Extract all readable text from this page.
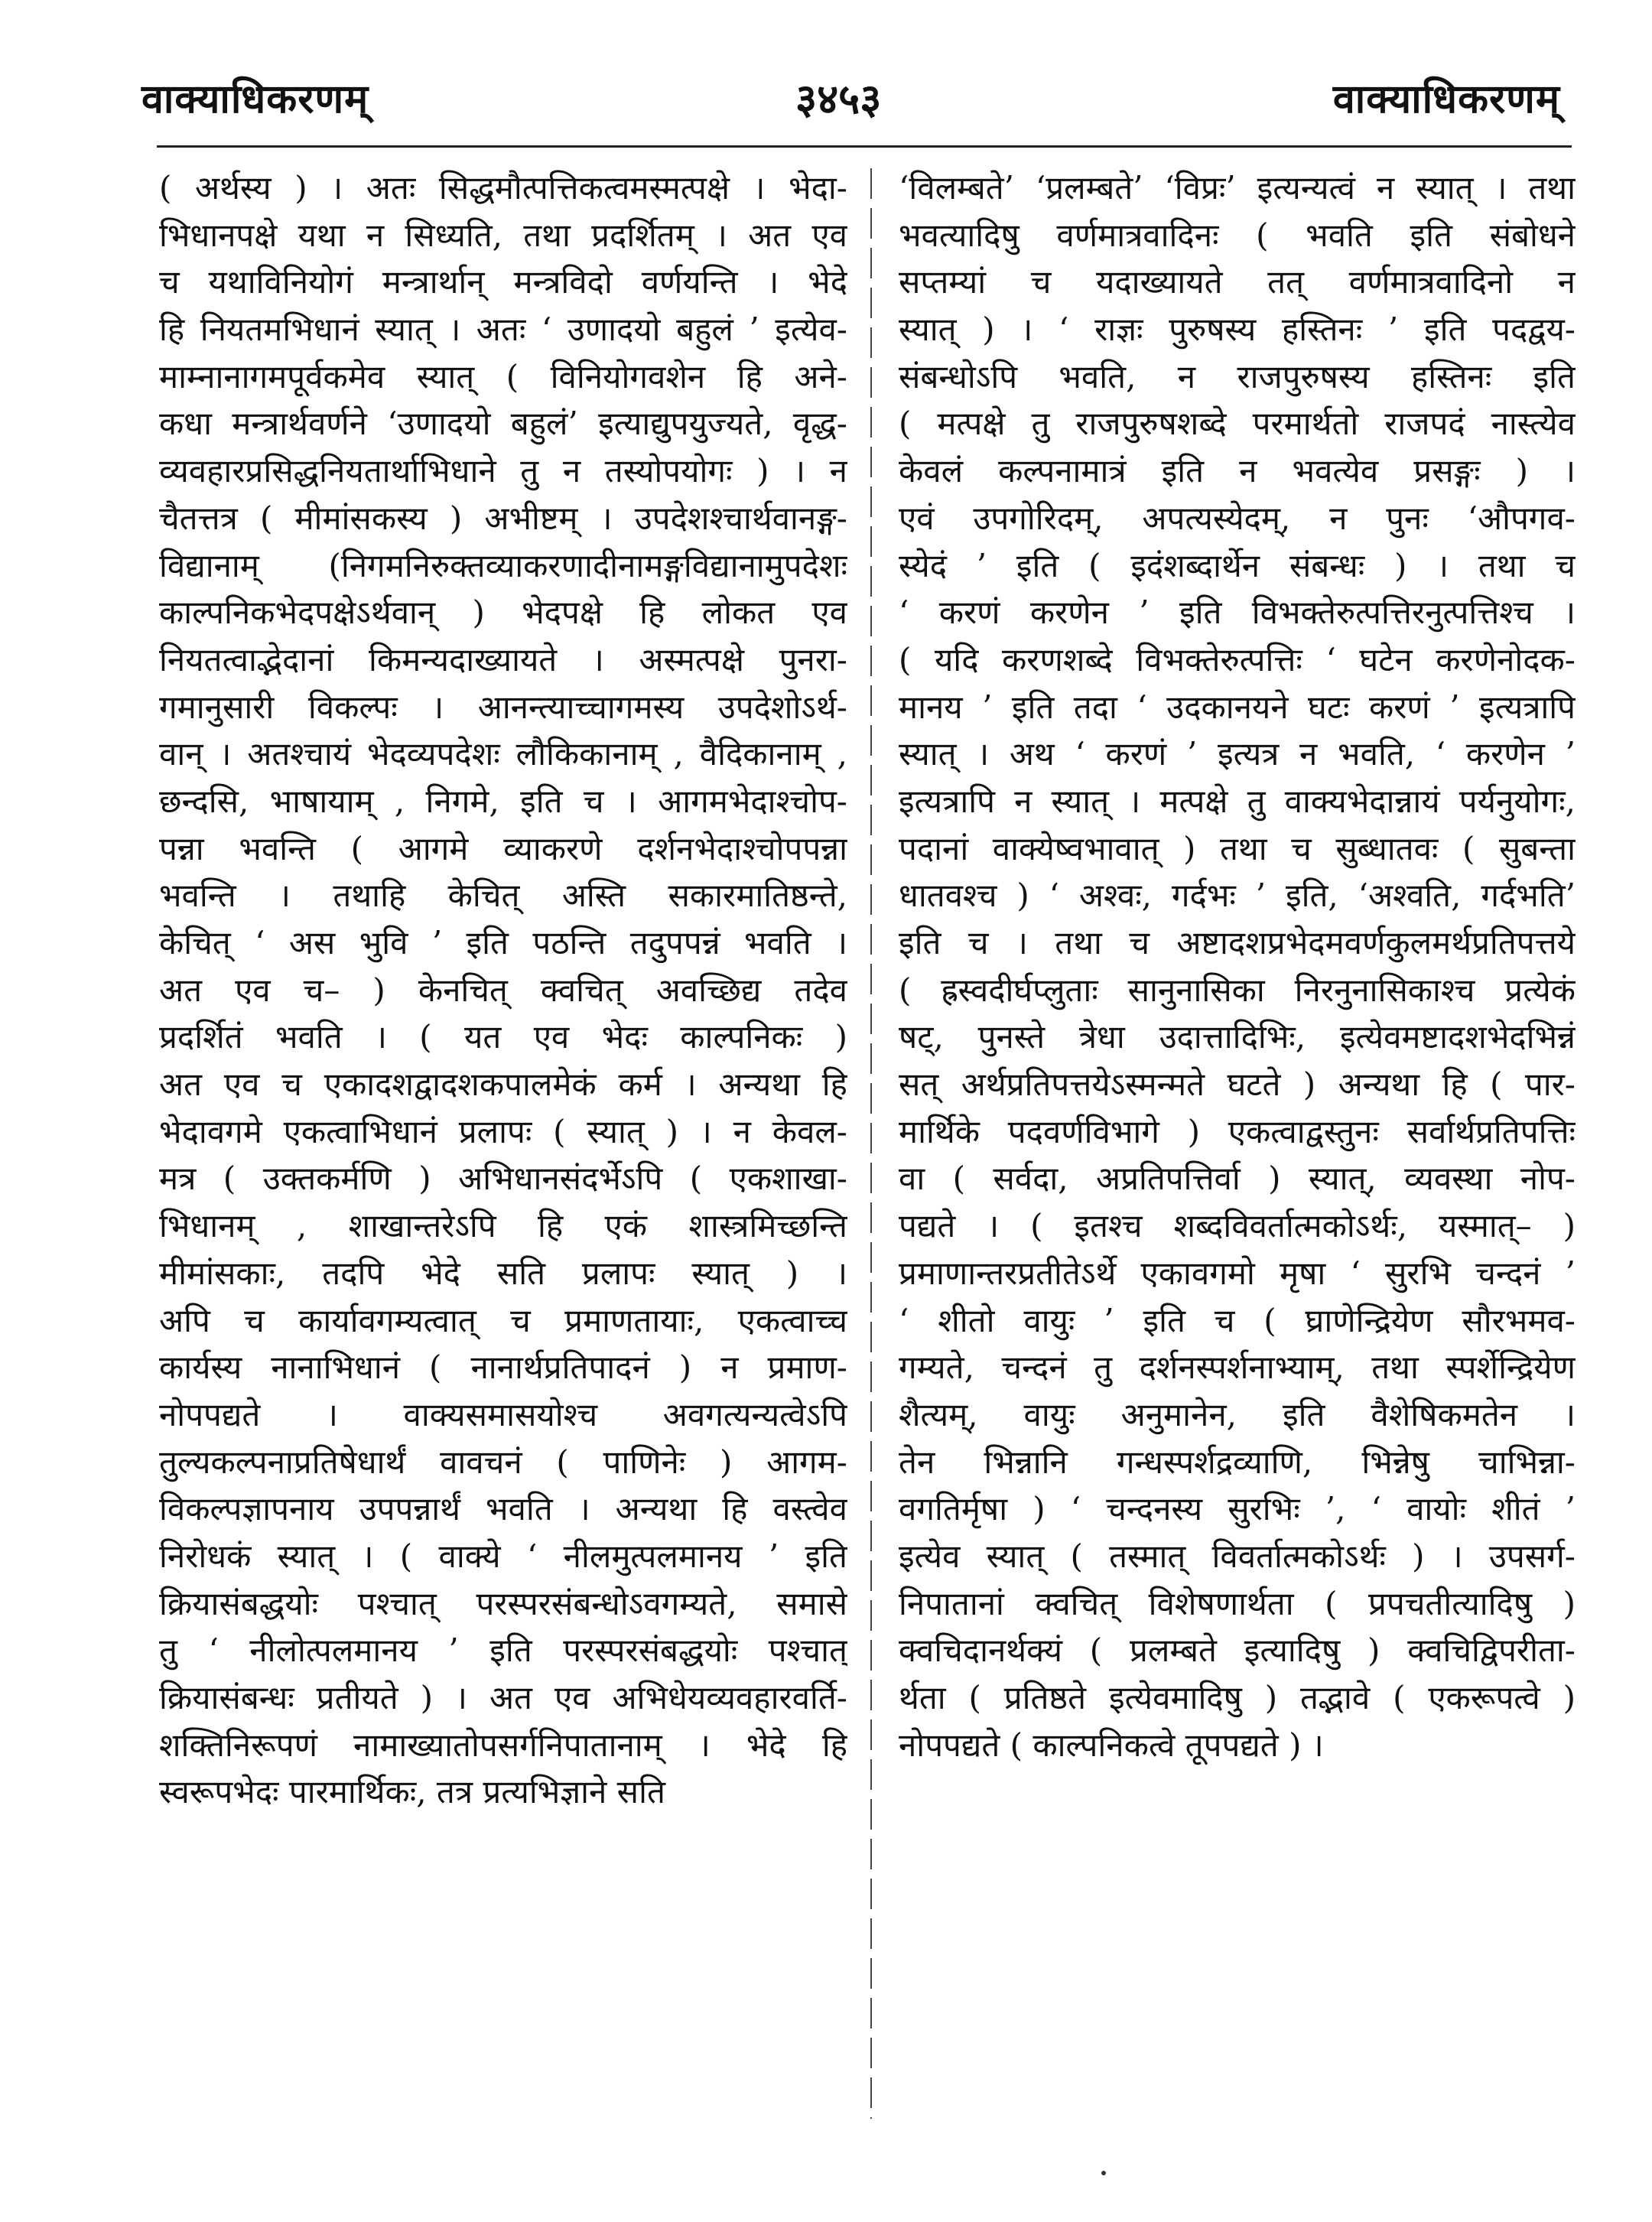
वाक्याधिकरणम्	३४५३	वाक्याधिकरणम्
( अर्थस्य ) । अतः सिद्धमौत्पत्तिकत्वमस्मत्पक्षे । भेदा-
भिधानपक्षे यथा न सिध्यति, तथा प्रदर्शितम् । अत एव
च यथाविनियोगं मन्त्रार्थान् मन्त्रविदो वर्णयन्ति । भेदे
हि नियतमभिधानं स्यात् । अतः ‘ उणादयो बहुलं ’ इत्येव-
माम्नानागमपूर्वकमेव स्यात् ( विनियोगवशेन हि अने-
कधा मन्त्रार्थवर्णने ‘उणादयो बहुलं’ इत्याद्युपयुज्यते, वृद्ध-
व्यवहारप्रसिद्धनियतार्थाभिधाने तु न तस्योपयोगः ) । न
चैतत्तत्र ( मीमांसकस्य ) अभीष्टम् । उपदेशश्चार्थवानङ्ग-
विद्यानाम् (निगमनिरुक्तव्याकरणादीनामङ्गविद्यानामुपदेशः
काल्पनिकभेदपक्षेऽर्थवान् ) भेदपक्षे हि लोकत एव
नियतत्वाद्भेदानां किमन्यदाख्यायते । अस्मत्पक्षे पुनरा-
गमानुसारी विकल्पः । आनन्त्याच्चागमस्य उपदेशोऽर्थ-
वान् । अतश्चायं भेदव्यपदेशः लौकिकानाम् , वैदिकानाम् ,
छन्दसि, भाषायाम् , निगमे, इति च । आगमभेदाश्चोप-
पन्ना भवन्ति ( आगमे व्याकरणे दर्शनभेदाश्चोपपन्ना
भवन्ति । तथाहि केचित् अस्ति सकारमातिष्ठन्ते,
केचित् ‘ अस भुवि ’ इति पठन्ति तदुपपन्नं भवति ।
अत एव च– ) केनचित् क्वचित् अवच्छिद्य तदेव
प्रदर्शितं भवति । ( यत एव भेदः काल्पनिकः )
अत एव च एकादशद्वादशकपालमेकं कर्म । अन्यथा हि
भेदावगमे एकत्वाभिधानं प्रलापः ( स्यात् ) । न केवल-
मत्र ( उक्तकर्मणि ) अभिधानसंदर्भेऽपि ( एकशाखा-
भिधानम् , शाखान्तरेऽपि हि एकं शास्त्रमिच्छन्ति
मीमांसकाः, तदपि भेदे सति प्रलापः स्यात् ) ।
अपि च कार्यावगम्यत्वात् च प्रमाणतायाः, एकत्वाच्च
कार्यस्य नानाभिधानं ( नानार्थप्रतिपादनं ) न प्रमाण-
नोपपद्यते । वाक्यसमासयोश्च अवगत्यन्यत्वेऽपि
तुल्यकल्पनाप्रतिषेधार्थं वावचनं ( पाणिनेः ) आगम-
विकल्पज्ञापनाय उपपन्नार्थं भवति । अन्यथा हि वस्त्वेव
निरोधकं स्यात् । ( वाक्ये ‘ नीलमुत्पलमानय ’ इति
क्रियासंबद्धयोः पश्चात् परस्परसंबन्धोऽवगम्यते, समासे
तु ‘ नीलोत्पलमानय ’ इति परस्परसंबद्धयोः पश्चात्
क्रियासंबन्धः प्रतीयते ) । अत एव अभिधेयव्यवहारवर्ति-
शक्तिनिरूपणं नामाख्यातोपसर्गनिपातानाम् । भेदे हि
स्वरूपभेदः पारमार्थिकः, तत्र प्रत्यभिज्ञाने सति
‘विलम्बते’ ‘प्रलम्बते’ ‘विप्रः’ इत्यन्यत्वं न स्यात् । तथा
भवत्यादिषु वर्णमात्रवादिनः ( भवति इति संबोधने
सप्तम्यां च यदाख्यायते तत् वर्णमात्रवादिनो न
स्यात् ) । ‘ राज्ञः पुरुषस्य हस्तिनः ’ इति पदद्वय-
संबन्धोऽपि भवति, न राजपुरुषस्य हस्तिनः इति
( मत्पक्षे तु राजपुरुषशब्दे परमार्थतो राजपदं नास्त्येव
केवलं कल्पनामात्रं इति न भवत्येव प्रसङ्गः ) ।
एवं उपगोरिदम्, अपत्यस्येदम्, न पुनः ‘औपगव-
स्येदं ’ इति ( इदंशब्दार्थेन संबन्धः ) । तथा च
‘ करणं करणेन ’ इति विभक्तेरुत्पत्तिरनुत्पत्तिश्च ।
( यदि करणशब्दे विभक्तेरुत्पत्तिः ‘ घटेन करणेनोदक-
मानय ’ इति तदा ‘ उदकानयने घटः करणं ’ इत्यत्रापि
स्यात् । अथ ‘ करणं ’ इत्यत्र न भवति, ‘ करणेन ’
इत्यत्रापि न स्यात् । मत्पक्षे तु वाक्यभेदान्नायं पर्यनुयोगः,
पदानां वाक्येष्वभावात् ) तथा च सुब्धातवः ( सुबन्ता
धातवश्च ) ‘ अश्वः, गर्दभः ’ इति, ‘अश्वति, गर्दभति’
इति च । तथा च अष्टादशप्रभेदमवर्णकुलमर्थप्रतिपत्तये
( ह्रस्वदीर्घप्लुताः सानुनासिका निरनुनासिकाश्च प्रत्येकं
षट्, पुनस्ते त्रेधा उदात्तादिभिः, इत्येवमष्टादशभेदभिन्नं
सत् अर्थप्रतिपत्तयेऽस्मन्मते घटते ) अन्यथा हि ( पार-
मार्थिके पदवर्णविभागे ) एकत्वाद्वस्तुनः सर्वार्थप्रतिपत्तिः
वा ( सर्वदा, अप्रतिपत्तिर्वा ) स्यात्, व्यवस्था नोप-
पद्यते । ( इतश्च शब्दविवर्तात्मकोऽर्थः, यस्मात्– )
प्रमाणान्तरप्रतीतेऽर्थे एकावगमो मृषा ‘ सुरभि चन्दनं ’
‘ शीतो वायुः ’ इति च ( घ्राणेन्द्रियेण सौरभमव-
गम्यते, चन्दनं तु दर्शनस्पर्शनाभ्याम्, तथा स्पर्शेन्द्रियेण
शैत्यम्, वायुः अनुमानेन, इति वैशेषिकमतेन ।
तेन भिन्नानि गन्धस्पर्शद्रव्याणि, भिन्नेषु चाभिन्ना-
वगतिर्मृषा ) ‘ चन्दनस्य सुरभिः ’, ‘ वायोः शीतं ’
इत्येव स्यात् ( तस्मात् विवर्तात्मकोऽर्थः ) । उपसर्ग-
निपातानां क्वचित् विशेषणार्थता ( प्रपचतीत्यादिषु )
क्वचिदानर्थक्यं ( प्रलम्बते इत्यादिषु ) क्वचिद्विपरीता-
र्थता ( प्रतिष्ठते इत्येवमादिषु ) तद्भावे ( एकरूपत्वे )
नोपपद्यते ( काल्पनिकत्वे तूपपद्यते ) ।
